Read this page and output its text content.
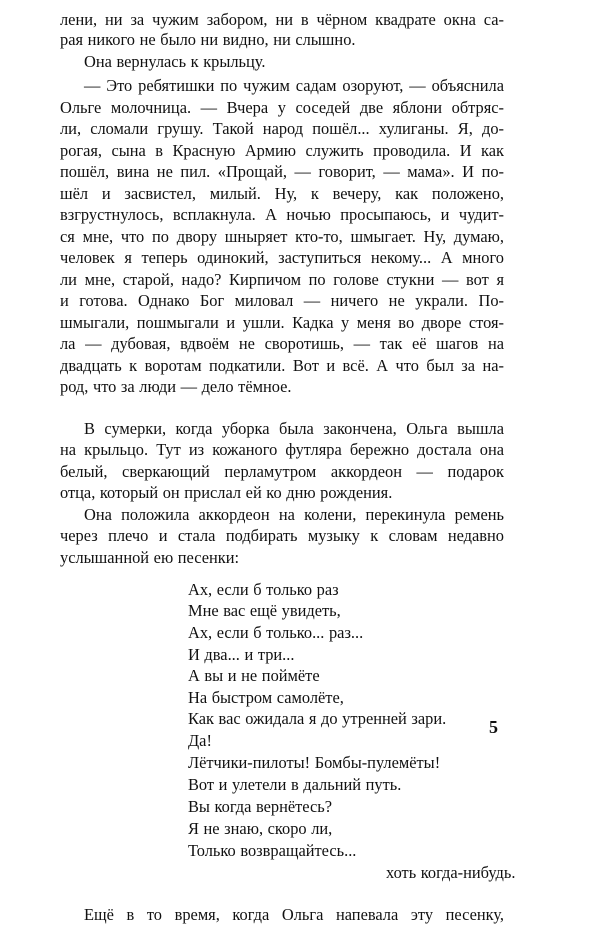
лени, ни за чужим забором, ни в чёрном квадрате окна са-
рая никого не было ни видно, ни слышно.
Она вернулась к крыльцу.
— Это ребятишки по чужим садам озоруют, — объяснила
Ольге молочница. — Вчера у соседей две яблони обтряс-
ли, сломали грушу. Такой народ пошёл... хулиганы. Я, до-
рогая, сына в Красную Армию служить проводила. И как
пошёл, вина не пил. «Прощай, — говорит, — мама». И по-
шёл и засвистел, милый. Ну, к вечеру, как положено,
взгрустнулось, всплакнула. А ночью просыпаюсь, и чудит-
ся мне, что по двору шныряет кто-то, шмыгает. Ну, думаю,
человек я теперь одинокий, заступиться некому... А много
ли мне, старой, надо? Кирпичом по голове стукни — вот я
и готова. Однако Бог миловал — ничего не украли. По-
шмыгали, пошмыгали и ушли. Кадка у меня во дворе стоя-
ла — дубовая, вдвоём не своротишь, — так её шагов на
двадцать к воротам подкатили. Вот и всё. А что был за на-
род, что за люди — дело тёмное.
В сумерки, когда уборка была закончена, Ольга вышла
на крыльцо. Тут из кожаного футляра бережно достала она
белый, сверкающий перламутром аккордеон — подарок
отца, который он прислал ей ко дню рождения.
Она положила аккордеон на колени, перекинула ремень
через плечо и стала подбирать музыку к словам недавно
услышанной ею песенки:
Ах, если б только раз
Мне вас ещё увидеть,
Ах, если б только... раз...
И два... и три...
А вы и не поймёте
На быстром самолёте,
Как вас ожидала я до утренней зари.
Да!
Лётчики-пилоты! Бомбы-пулемёты!
Вот и улетели в дальний путь.
Вы когда вернётесь?
Я не знаю, скоро ли,
Только возвращайтесь...
хоть когда-нибудь.
Ещё в то время, когда Ольга напевала эту песенку,
5
